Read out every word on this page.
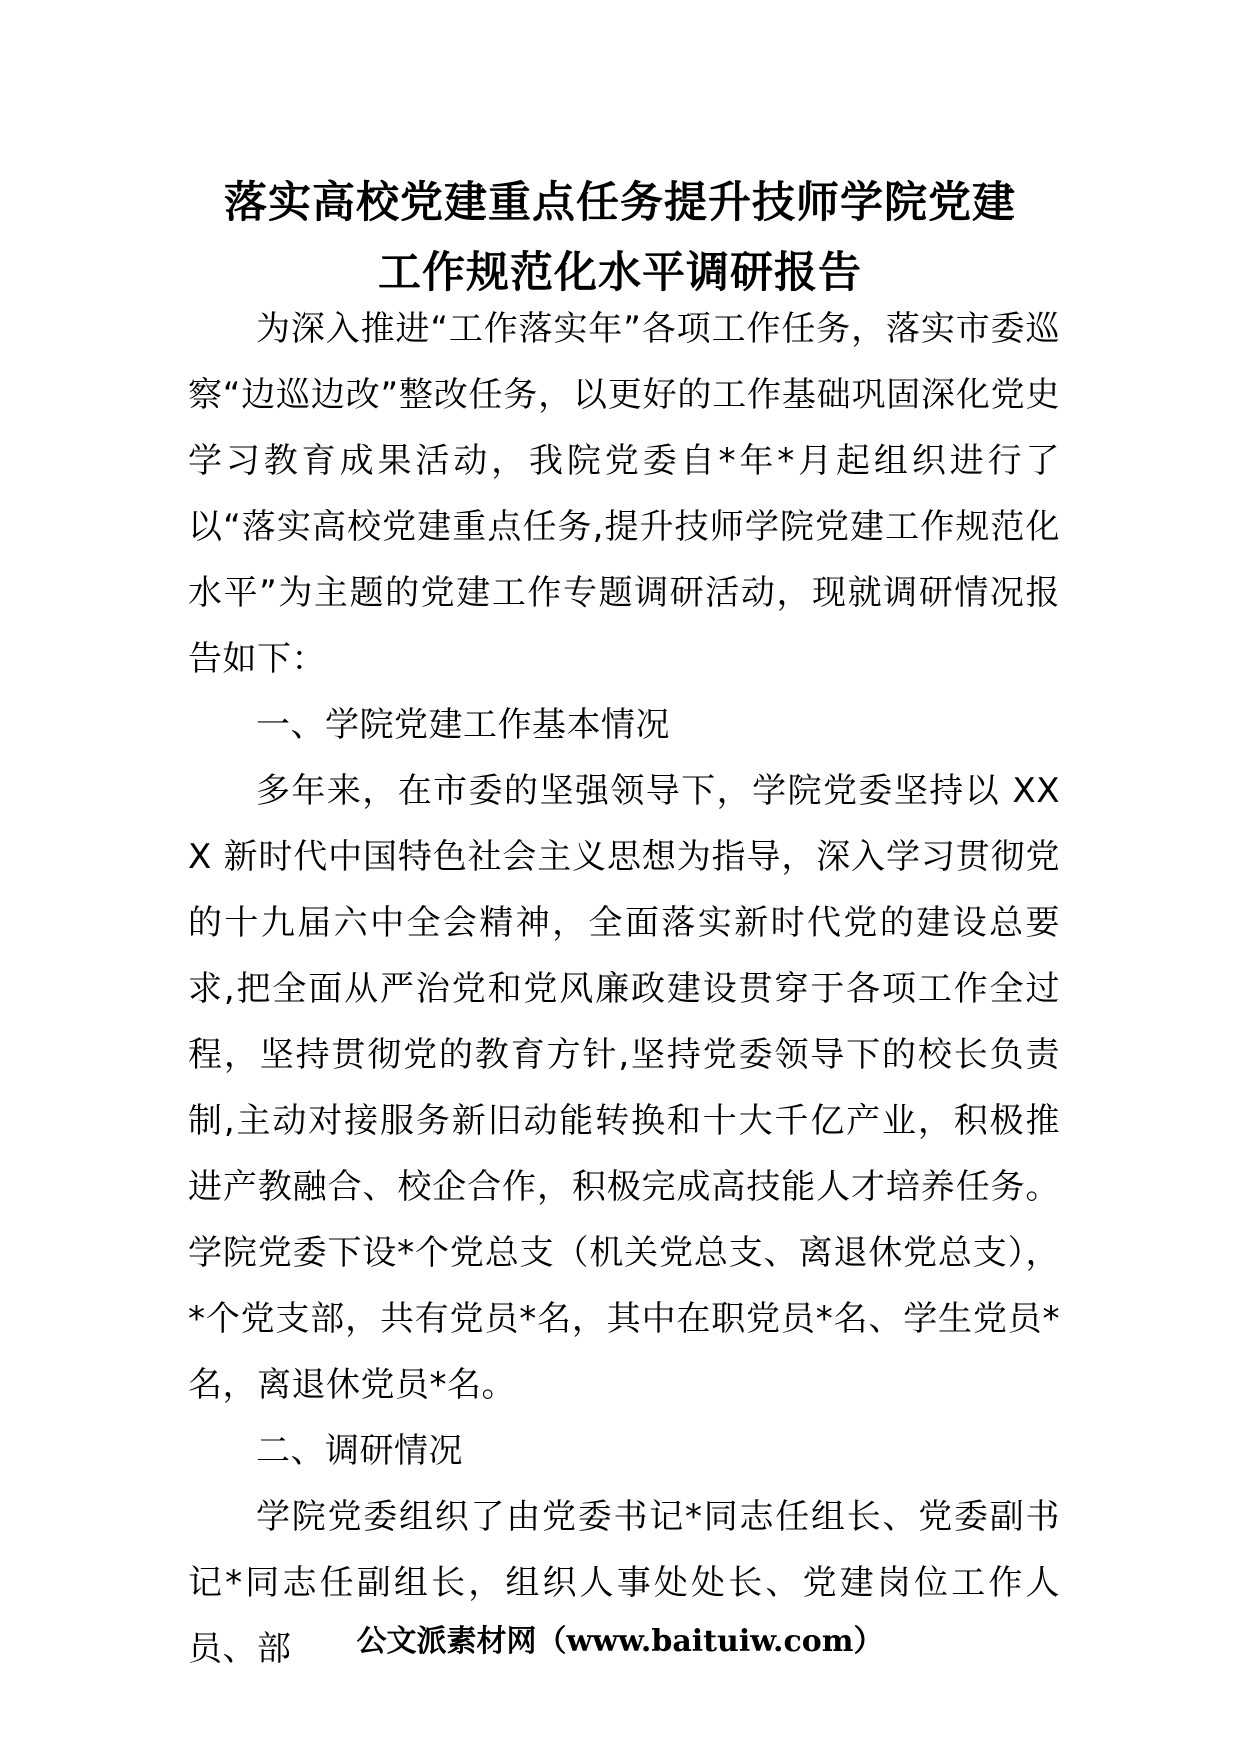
落实高校党建重点任务提升技师学院党建
工作规范化水平调研报告

为深入推进“工作落实年”各项工作任务，落实市委巡察“边巡边改”整改任务，以更好的工作基础巩固深化党史学习教育成果活动，我院党委自*年*月起组织进行了以“落实高校党建重点任务,提升技师学院党建工作规范化水平”为主题的党建工作专题调研活动，现就调研情况报告如下：

一、学院党建工作基本情况

多年来，在市委的坚强领导下，学院党委坚持以 XXX 新时代中国特色社会主义思想为指导，深入学习贯彻党的十九届六中全会精神，全面落实新时代党的建设总要求,把全面从严治党和党风廉政建设贯穿于各项工作全过程，坚持贯彻党的教育方针,坚持党委领导下的校长负责制,主动对接服务新旧动能转换和十大千亿产业，积极推进产教融合、校企合作，积极完成高技能人才培养任务。学院党委下设*个党总支（机关党总支、离退休党总支），*个党支部，共有党员*名，其中在职党员*名、学生党员*名，离退休党员*名。

二、调研情况

学院党委组织了由党委书记*同志任组长、党委副书记*同志任副组长，组织人事处处长、党建岗位工作人员、部	公文派素材网（www.baituiw.com）
